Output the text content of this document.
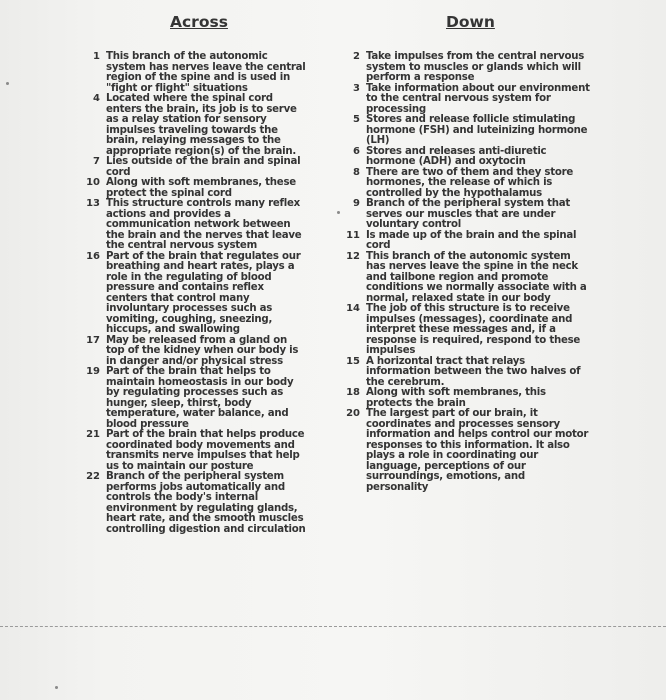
Across	Down
1 This branch of the autonomic system has nerves leave the central region of the spine and is used in "fight or flight" situations
4 Located where the spinal cord enters the brain, its job is to serve as a relay station for sensory impulses traveling towards the brain, relaying messages to the appropriate region(s) of the brain.
7 Lies outside of the brain and spinal cord
10 Along with soft membranes, these protect the spinal cord
13 This structure controls many reflex actions and provides a communication network between the brain and the nerves that leave the central nervous system
16 Part of the brain that regulates our breathing and heart rates, plays a role in the regulating of blood pressure and contains reflex centers that control many involuntary processes such as vomiting, coughing, sneezing, hiccups, and swallowing
17 May be released from a gland on top of the kidney when our body is in danger and/or physical stress
19 Part of the brain that helps to maintain homeostasis in our body by regulating processes such as hunger, sleep, thirst, body temperature, water balance, and blood pressure
21 Part of the brain that helps produce coordinated body movements and transmits nerve impulses that help us to maintain our posture
22 Branch of the peripheral system performs jobs automatically and controls the body's internal environment by regulating glands, heart rate, and the smooth muscles controlling digestion and circulation
2 Take impulses from the central nervous system to muscles or glands which will perform a response
3 Take information about our environment to the central nervous system for processing
5 Stores and release follicle stimulating hormone (FSH) and luteinizing hormone (LH)
6 Stores and releases anti-diuretic hormone (ADH) and oxytocin
8 There are two of them and they store hormones, the release of which is controlled by the hypothalamus
9 Branch of the peripheral system that serves our muscles that are under voluntary control
11 Is made up of the brain and the spinal cord
12 This branch of the autonomic system has nerves leave the spine in the neck and tailbone region and promote conditions we normally associate with a normal, relaxed state in our body
14 The job of this structure is to receive impulses (messages), coordinate and interpret these messages and, if a response is required, respond to these impulses
15 A horizontal tract that relays information between the two halves of the cerebrum.
18 Along with soft membranes, this protects the brain
20 The largest part of our brain, it coordinates and processes sensory information and helps control our motor responses to this information. It also plays a role in coordinating our language, perceptions of our surroundings, emotions, and personality
